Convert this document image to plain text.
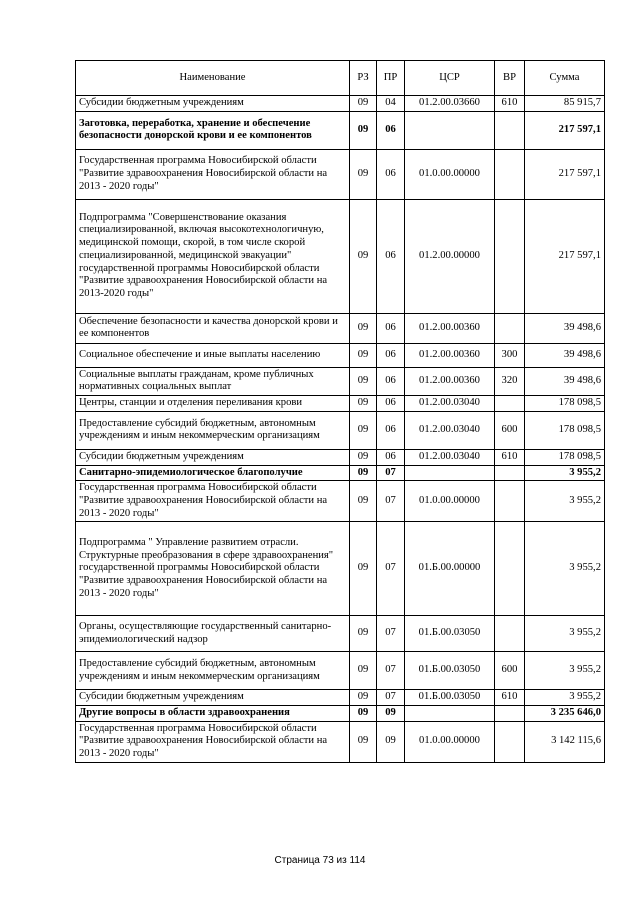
Наименование	РЗ	ПР	ЦСР	ВР	Сумма
Субсидии бюджетным учреждениям	09	04	01.2.00.03660	610	85 915,7
Заготовка, переработка, хранение и обеспечение безопасности донорской крови и ее компонентов	09	06			217 597,1
Государственная программа Новосибирской области "Развитие здравоохранения Новосибирской области на 2013 - 2020 годы"	09	06	01.0.00.00000		217 597,1
Подпрограмма "Совершенствование оказания специализированной, включая высокотехнологичную, медицинской помощи, скорой, в том числе скорой специализированной, медицинской эвакуации" государственной программы Новосибирской области "Развитие здравоохранения Новосибирской области на 2013-2020 годы"	09	06	01.2.00.00000		217 597,1
Обеспечение безопасности и качества донорской крови и ее компонентов	09	06	01.2.00.00360		39 498,6
Социальное обеспечение и иные выплаты населению	09	06	01.2.00.00360	300	39 498,6
Социальные выплаты гражданам, кроме публичных нормативных социальных выплат	09	06	01.2.00.00360	320	39 498,6
Центры, станции и отделения переливания крови	09	06	01.2.00.03040		178 098,5
Предоставление субсидий бюджетным, автономным учреждениям и иным некоммерческим организациям	09	06	01.2.00.03040	600	178 098,5
Субсидии бюджетным учреждениям	09	06	01.2.00.03040	610	178 098,5
Санитарно-эпидемиологическое благополучие	09	07			3 955,2
Государственная программа Новосибирской области "Развитие здравоохранения Новосибирской области на 2013 - 2020 годы"	09	07	01.0.00.00000		3 955,2
Подпрограмма " Управление развитием отрасли. Структурные преобразования в сфере здравоохранения" государственной программы Новосибирской области "Развитие здравоохранения Новосибирской области на 2013 - 2020 годы"	09	07	01.Б.00.00000		3 955,2
Органы, осуществляющие государственный санитарно-эпидемиологический надзор	09	07	01.Б.00.03050		3 955,2
Предоставление субсидий бюджетным, автономным учреждениям и иным некоммерческим организациям	09	07	01.Б.00.03050	600	3 955,2
Субсидии бюджетным учреждениям	09	07	01.Б.00.03050	610	3 955,2
Другие вопросы в области здравоохранения	09	09			3 235 646,0
Государственная программа Новосибирской области "Развитие здравоохранения Новосибирской области на 2013 - 2020 годы"	09	09	01.0.00.00000		3 142 115,6
Страница 73 из 114
